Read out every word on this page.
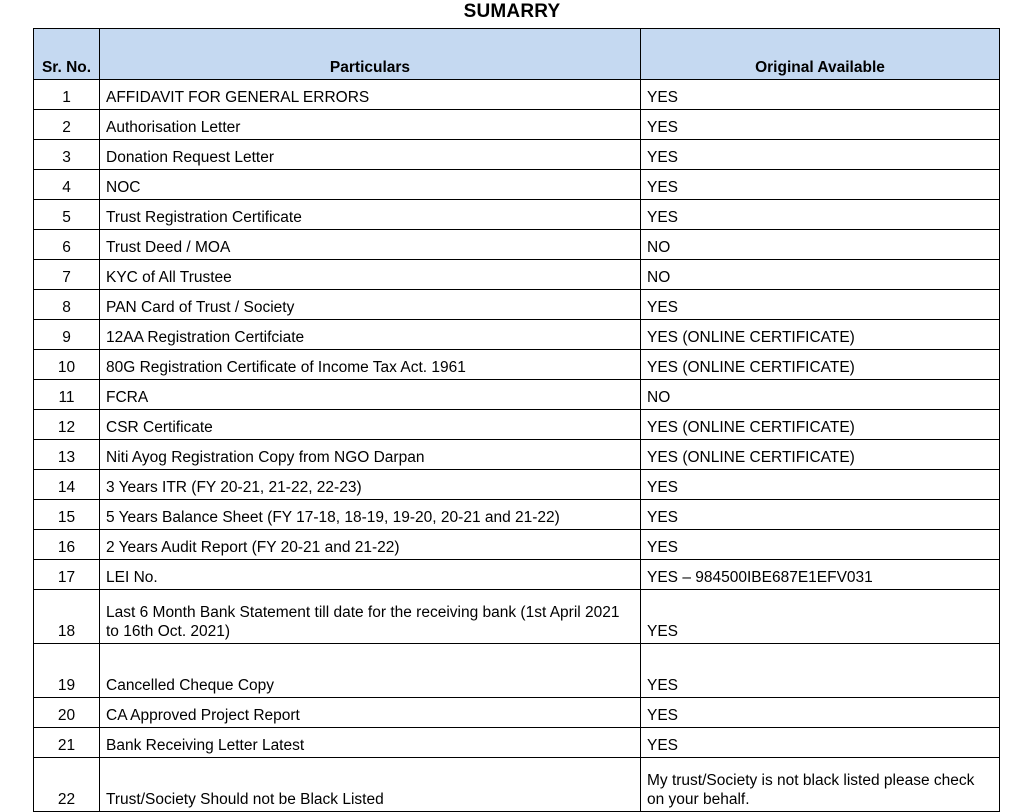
SUMARRY
Sr. No.	Particulars	Original Available
1	AFFIDAVIT FOR GENERAL ERRORS	YES
2	Authorisation Letter	YES
3	Donation Request Letter	YES
4	NOC	YES
5	Trust Registration Certificate	YES
6	Trust Deed / MOA	NO
7	KYC of All Trustee	NO
8	PAN Card of Trust / Society	YES
9	12AA Registration Certifciate	YES (ONLINE CERTIFICATE)
10	80G Registration Certificate of Income Tax Act. 1961	YES (ONLINE CERTIFICATE)
11	FCRA	NO
12	CSR Certificate	YES (ONLINE CERTIFICATE)
13	Niti Ayog Registration Copy from NGO Darpan	YES (ONLINE CERTIFICATE)
14	3 Years ITR (FY 20-21, 21-22, 22-23)	YES
15	5 Years Balance Sheet (FY 17-18, 18-19, 19-20, 20-21 and 21-22)	YES
16	2 Years Audit Report (FY 20-21 and 21-22)	YES
17	LEI No.	YES – 984500IBE687E1EFV031
18	Last 6 Month Bank Statement till date for the receiving bank (1st April 2021 to 16th Oct. 2021)	YES
19	Cancelled Cheque Copy	YES
20	CA Approved Project Report	YES
21	Bank Receiving Letter Latest	YES
22	Trust/Society Should not be Black Listed	My trust/Society is not black listed please check on your behalf.
